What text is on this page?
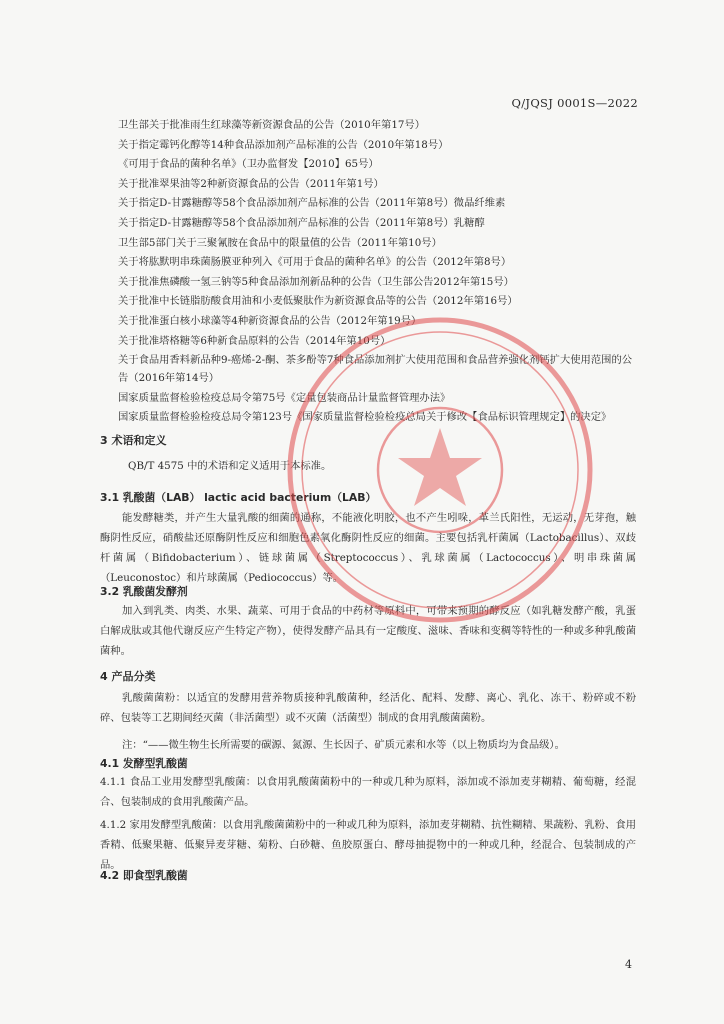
Q/JQSJ 0001S—2022
卫生部关于批准雨生红球藻等新资源食品的公告（2010年第17号）
关于指定霉钙化醇等14种食品添加剂产品标准的公告（2010年第18号）
《可用于食品的菌种名单》（卫办监督发【2010】65号）
关于批准翠果油等2种新资源食品的公告（2011年第1号）
关于指定D-甘露糖醇等58个食品添加剂产品标准的公告（2011年第8号）微晶纤维素
关于指定D-甘露糖醇等58个食品添加剂产品标准的公告（2011年第8号）乳糖醇
卫生部5部门关于三聚氰胺在食品中的限量值的公告（2011年第10号）
关于将肱默明串珠菌肠膜亚种列入《可用于食品的菌种名单》的公告（2012年第8号）
关于批准焦磷酸一氢三钠等5种食品添加剂新品种的公告（卫生部公告2012年第15号）
关于批准中长链脂肪酸食用油和小麦低聚肽作为新资源食品等的公告（2012年第16号）
关于批准蛋白核小球藻等4种新资源食品的公告（2012年第19号）
关于批准塔格糖等6种新食品原料的公告（2014年第10号）
关于食品用香料新品种9-癌烯-2-酮、茶多酚等7种食品添加剂扩大使用范围和食品营养强化剂钙扩大使用范围的公告（2016年第14号）
国家质量监督检验检疫总局令第75号《定量包装商品计量监督管理办法》
国家质量监督检验检疫总局令第123号《国家质量监督检验检疫总局关于修改【食品标识管理规定】的决定》
3 术语和定义
QB/T 4575 中的术语和定义适用于本标准。
3.1 乳酸菌（LAB） lactic acid bacterium（LAB）
能发酵糖类，并产生大量乳酸的细菌的通称，不能液化明胶，也不产生吲哚，革兰氏阳性，无运动，无芽孢，触酶阴性反应，硝酸盐还原酶阴性反应和细胞色素氧化酶阴性反应的细菌。主要包括乳杆菌属（Lactobacillus）、双歧杆菌属（Bifidobacterium）、链球菌属（Streptococcus）、乳球菌属（Lactococcus）、明串珠菌属（Leuconostoc）和片球菌属（Pediococcus）等。
3.2 乳酸菌发酵剂
加入到乳类、肉类、水果、蔬菜、可用于食品的中药材等原料中，可带来预期的酵反应（如乳糖发酵产酸，乳蛋白解成肽或其他代谢反应产生特定产物），使得发酵产品具有一定酸度、滋味、香味和变稠等特性的一种或多种乳酸菌菌种。
4 产品分类
乳酸菌菌粉：以适宜的发酵用营养物质接种乳酸菌种，经活化、配料、发酵、离心、乳化、冻干、粉碎或不粉碎、包装等工艺期间经灭菌（非活菌型）或不灭菌（活菌型）制成的食用乳酸菌菌粉。
注：“——微生物生长所需要的碳源、氮源、生长因子、矿质元素和水等（以上物质均为食品级）。
4.1 发酵型乳酸菌
4.1.1 食品工业用发酵型乳酸菌：以食用乳酸菌菌粉中的一种或几种为原料，添加或不添加麦芽糊精、葡萄糖，经混合、包装制成的食用乳酸菌产品。
4.1.2 家用发酵型乳酸菌：以食用乳酸菌菌粉中的一种或几种为原料，添加麦芽糊精、抗性糊精、果蔬粉、乳粉、食用香精、低聚果糖、低聚异麦芽糖、菊粉、白砂糖、鱼胶原蛋白、酵母抽提物中的一种或几种，经混合、包装制成的产品。
4.2 即食型乳酸菌
4
